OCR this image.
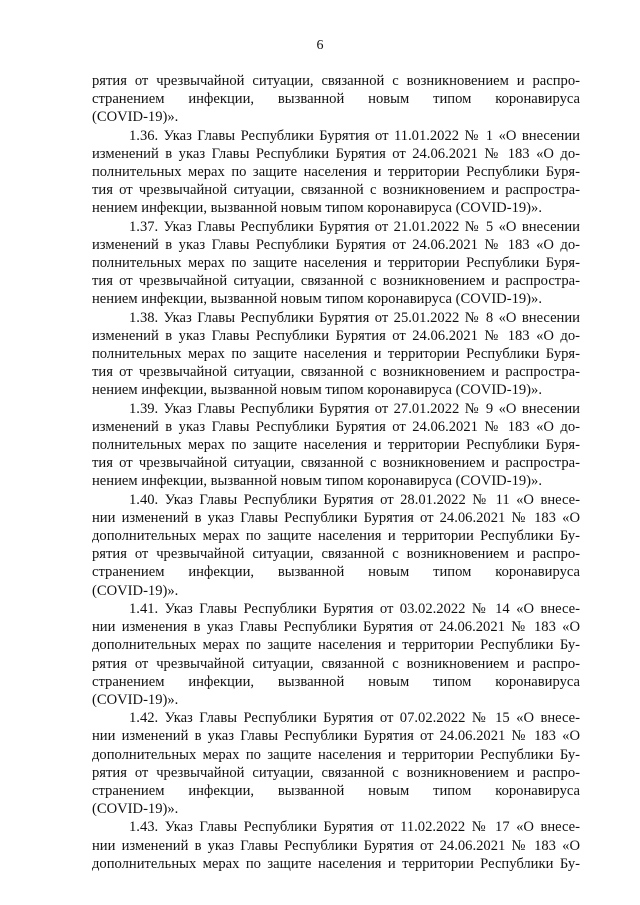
6
рятия от чрезвычайной ситуации, связанной с возникновением и распро-
странением инфекции, вызванной новым типом коронавируса
(COVID-19)».
1.36. Указ Главы Республики Бурятия от 11.01.2022 № 1 «О внесении
изменений в указ Главы Республики Бурятия от 24.06.2021 № 183 «О до-
полнительных мерах по защите населения и территории Республики Буря-
тия от чрезвычайной ситуации, связанной с возникновением и распростра-
нением инфекции, вызванной новым типом коронавируса (COVID-19)».
1.37. Указ Главы Республики Бурятия от 21.01.2022 № 5 «О внесении
изменений в указ Главы Республики Бурятия от 24.06.2021 № 183 «О до-
полнительных мерах по защите населения и территории Республики Буря-
тия от чрезвычайной ситуации, связанной с возникновением и распростра-
нением инфекции, вызванной новым типом коронавируса (COVID-19)».
1.38. Указ Главы Республики Бурятия от 25.01.2022 № 8 «О внесении
изменений в указ Главы Республики Бурятия от 24.06.2021 № 183 «О до-
полнительных мерах по защите населения и территории Республики Буря-
тия от чрезвычайной ситуации, связанной с возникновением и распростра-
нением инфекции, вызванной новым типом коронавируса (COVID-19)».
1.39. Указ Главы Республики Бурятия от 27.01.2022 № 9 «О внесении
изменений в указ Главы Республики Бурятия от 24.06.2021 № 183 «О до-
полнительных мерах по защите населения и территории Республики Буря-
тия от чрезвычайной ситуации, связанной с возникновением и распростра-
нением инфекции, вызванной новым типом коронавируса (COVID-19)».
1.40. Указ Главы Республики Бурятия от 28.01.2022 № 11 «О внесе-
нии изменений в указ Главы Республики Бурятия от 24.06.2021 № 183 «О
дополнительных мерах по защите населения и территории Республики Бу-
рятия от чрезвычайной ситуации, связанной с возникновением и распро-
странением инфекции, вызванной новым типом коронавируса
(COVID-19)».
1.41. Указ Главы Республики Бурятия от 03.02.2022 № 14 «О внесе-
нии изменения в указ Главы Республики Бурятия от 24.06.2021 № 183 «О
дополнительных мерах по защите населения и территории Республики Бу-
рятия от чрезвычайной ситуации, связанной с возникновением и распро-
странением инфекции, вызванной новым типом коронавируса
(COVID-19)».
1.42. Указ Главы Республики Бурятия от 07.02.2022 № 15 «О внесе-
нии изменений в указ Главы Республики Бурятия от 24.06.2021 № 183 «О
дополнительных мерах по защите населения и территории Республики Бу-
рятия от чрезвычайной ситуации, связанной с возникновением и распро-
странением инфекции, вызванной новым типом коронавируса
(COVID-19)».
1.43. Указ Главы Республики Бурятия от 11.02.2022 № 17 «О внесе-
нии изменений в указ Главы Республики Бурятия от 24.06.2021 № 183 «О
дополнительных мерах по защите населения и территории Республики Бу-
